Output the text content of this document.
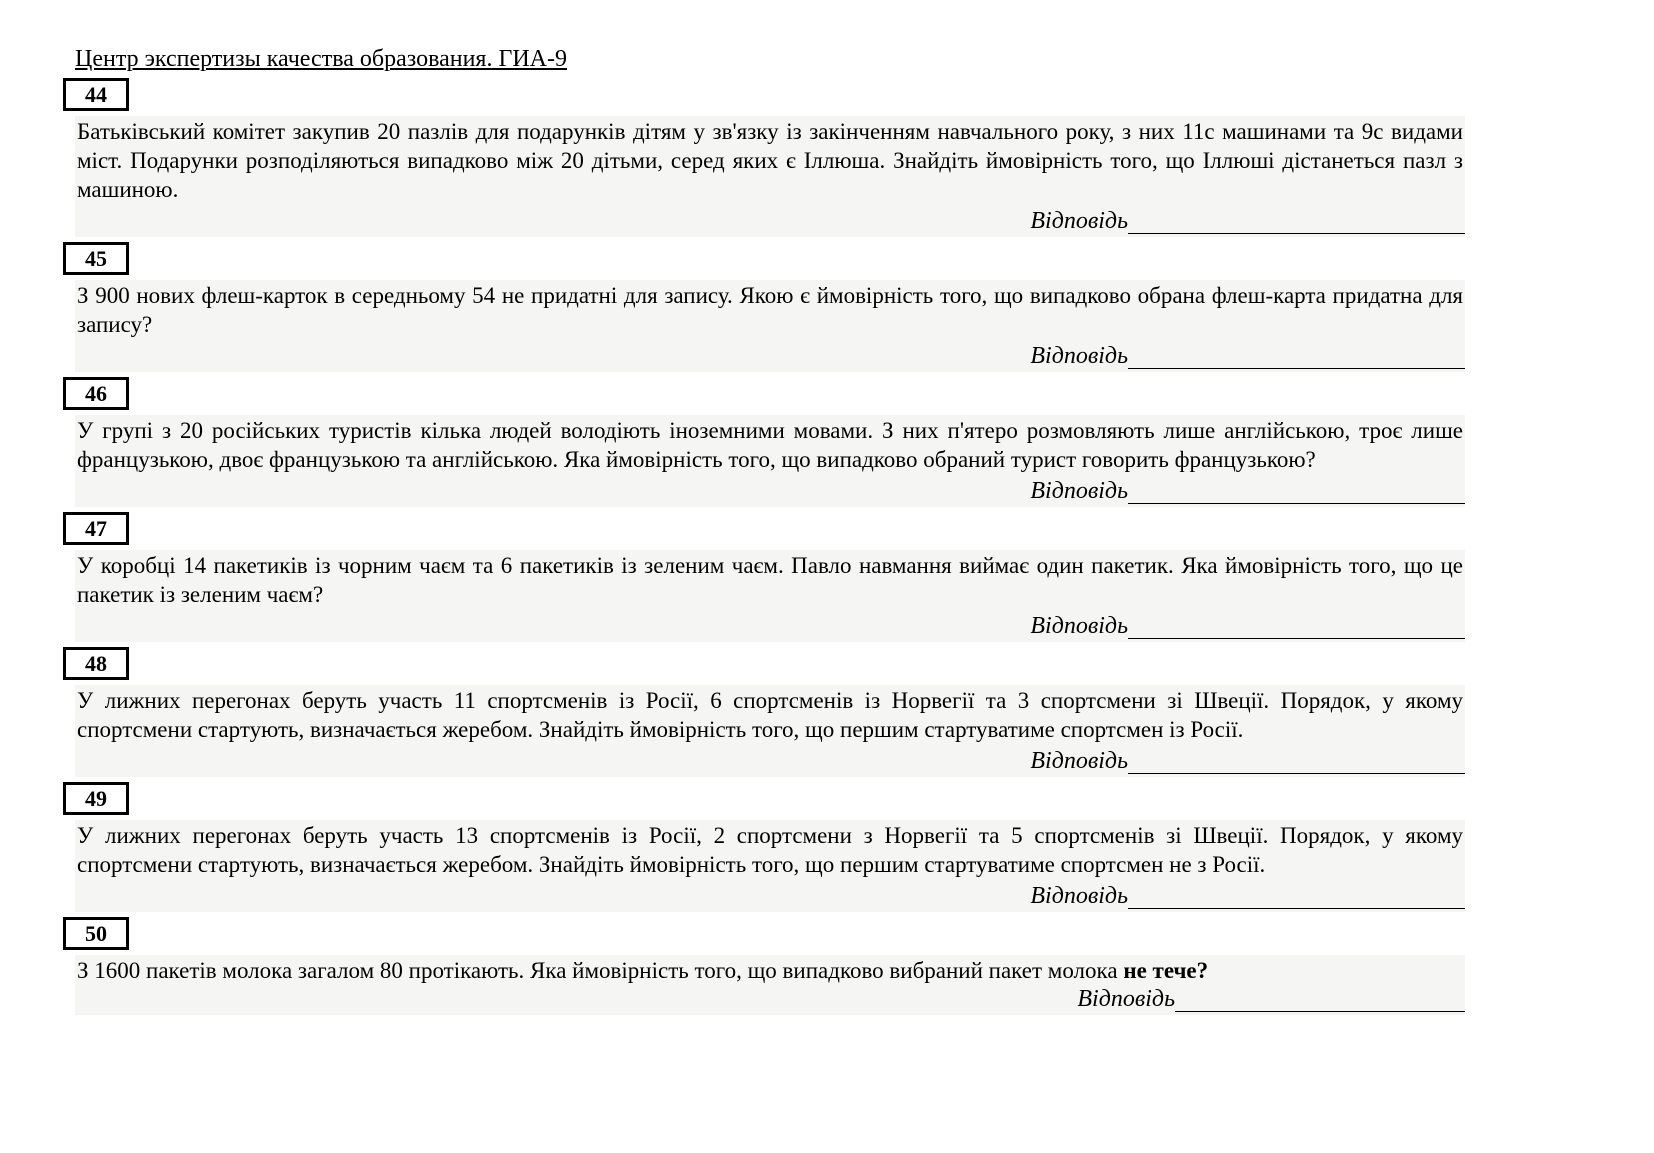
Центр экспертизы качества образования. ГИА-9
44

Батьківський комітет закупив 20 пазлів для подарунків дітям у зв'язку із закінченням навчального року, з них 11с машинами та 9с видами міст. Подарунки розподіляються випадково між 20 дітьми, серед яких є Іллюша. Знайдіть ймовірність того, що Іллюші дістанеться пазл з машиною.

Відповідь
45

З 900 нових флеш-карток в середньому 54 не придатні для запису. Якою є ймовірність того, що випадково обрана флеш-карта придатна для запису?

Відповідь
46

У групі з 20 російських туристів кілька людей володіють іноземними мовами. З них п'ятеро розмовляють лише англійською, троє лише французькою, двоє французькою та англійською. Яка ймовірність того, що випадково обраний турист говорить французькою?

Відповідь
47

У коробці 14 пакетиків із чорним чаєм та 6 пакетиків із зеленим чаєм. Павло навмання виймає один пакетик. Яка ймовірність того, що це пакетик із зеленим чаєм?

Відповідь
48

У лижних перегонах беруть участь 11 спортсменів із Росії, 6 спортсменів із Норвегії та 3 спортсмени зі Швеції. Порядок, у якому спортсмени стартують, визначається жеребом. Знайдіть ймовірність того, що першим стартуватиме спортсмен із Росії.

Відповідь
49

У лижних перегонах беруть участь 13 спортсменів із Росії, 2 спортсмени з Норвегії та 5 спортсменів зі Швеції. Порядок, у якому спортсмени стартують, визначається жеребом. Знайдіть ймовірність того, що першим стартуватиме спортсмен не з Росії.

Відповідь
50

З 1600 пакетів молока загалом 80 протікають. Яка ймовірність того, що випадково вибраний пакет молока не тече?

Відповідь
